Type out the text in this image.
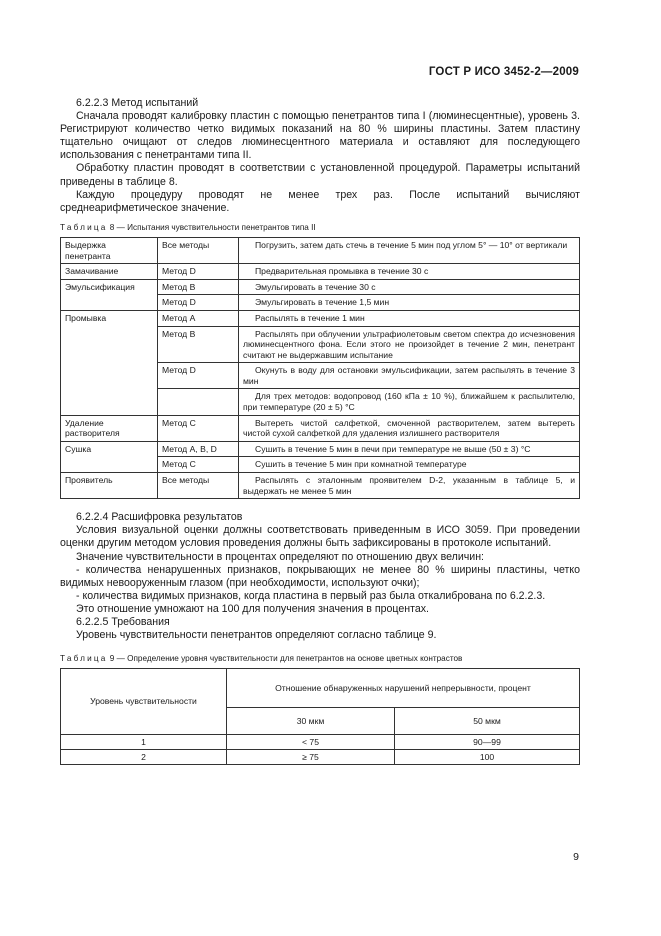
ГОСТ Р ИСО 3452-2—2009

6.2.2.3 Метод испытаний

Сначала проводят калибровку пластин с помощью пенетрантов типа I (люминесцентные), уровень 3. Регистрируют количество четко видимых показаний на 80 % ширины пластины. Затем пластину тщательно очищают от следов люминесцентного материала и оставляют для последующего использования с пенетрантами типа II.

Обработку пластин проводят в соответствии с установленной процедурой. Параметры испытаний приведены в таблице 8.

Каждую процедуру проводят не менее трех раз. После испытаний вычисляют среднеарифметическое значение.

Таблица 8 — Испытания чувствительности пенетрантов типа II
Выдержка пенетранта	Все методы	Погрузить, затем дать стечь в течение 5 мин под углом 5° — 10° от вертикали
Замачивание	Метод D	Предварительная промывка в течение 30 с
Эмульсификация	Метод B	Эмульгировать в течение 30 с
	Метод D	Эмульгировать в течение 1,5 мин
Промывка	Метод A	Распылять в течение 1 мин
	Метод B	Распылять при облучении ультрафиолетовым светом спектра до исчезновения люминесцентного фона. Если этого не произойдет в течение 2 мин, пенетрант считают не выдержавшим испытание
	Метод D	Окунуть в воду для остановки эмульсификации, затем распылять в течение 3 мин
		Для трех методов: водопровод (160 кПа ± 10 %), ближайшем к распылителю, при температуре (20 ± 5) °С
Удаление растворителя	Метод С	Вытереть чистой салфеткой, смоченной растворителем, затем вытереть чистой сухой салфеткой для удаления излишнего растворителя
Сушка	Метод А, В, D	Сушить в течение 5 мин в печи при температуре не выше (50 ± 3) °С
	Метод С	Сушить в течение 5 мин при комнатной температуре
Проявитель	Все методы	Распылять с эталонным проявителем D-2, указанным в таблице 5, и выдержать не менее 5 мин

6.2.2.4 Расшифровка результатов

Условия визуальной оценки должны соответствовать приведенным в ИСО 3059. При проведении оценки другим методом условия проведения должны быть зафиксированы в протоколе испытаний.

Значение чувствительности в процентах определяют по отношению двух величин:

- количества ненарушенных признаков, покрывающих не менее 80 % ширины пластины, четко видимых невооруженным глазом (при необходимости, используют очки);

- количества видимых признаков, когда пластина в первый раз была откалибрована по 6.2.2.3.

Это отношение умножают на 100 для получения значения в процентах.

6.2.2.5 Требования

Уровень чувствительности пенетрантов определяют согласно таблице 9.

Таблица 9 — Определение уровня чувствительности для пенетрантов на основе цветных контрастов
Уровень чувствительности	Отношение обнаруженных нарушений непрерывности, процент	
	30 мкм	50 мкм
1	< 75	90—99
2	≥ 75	100
9
